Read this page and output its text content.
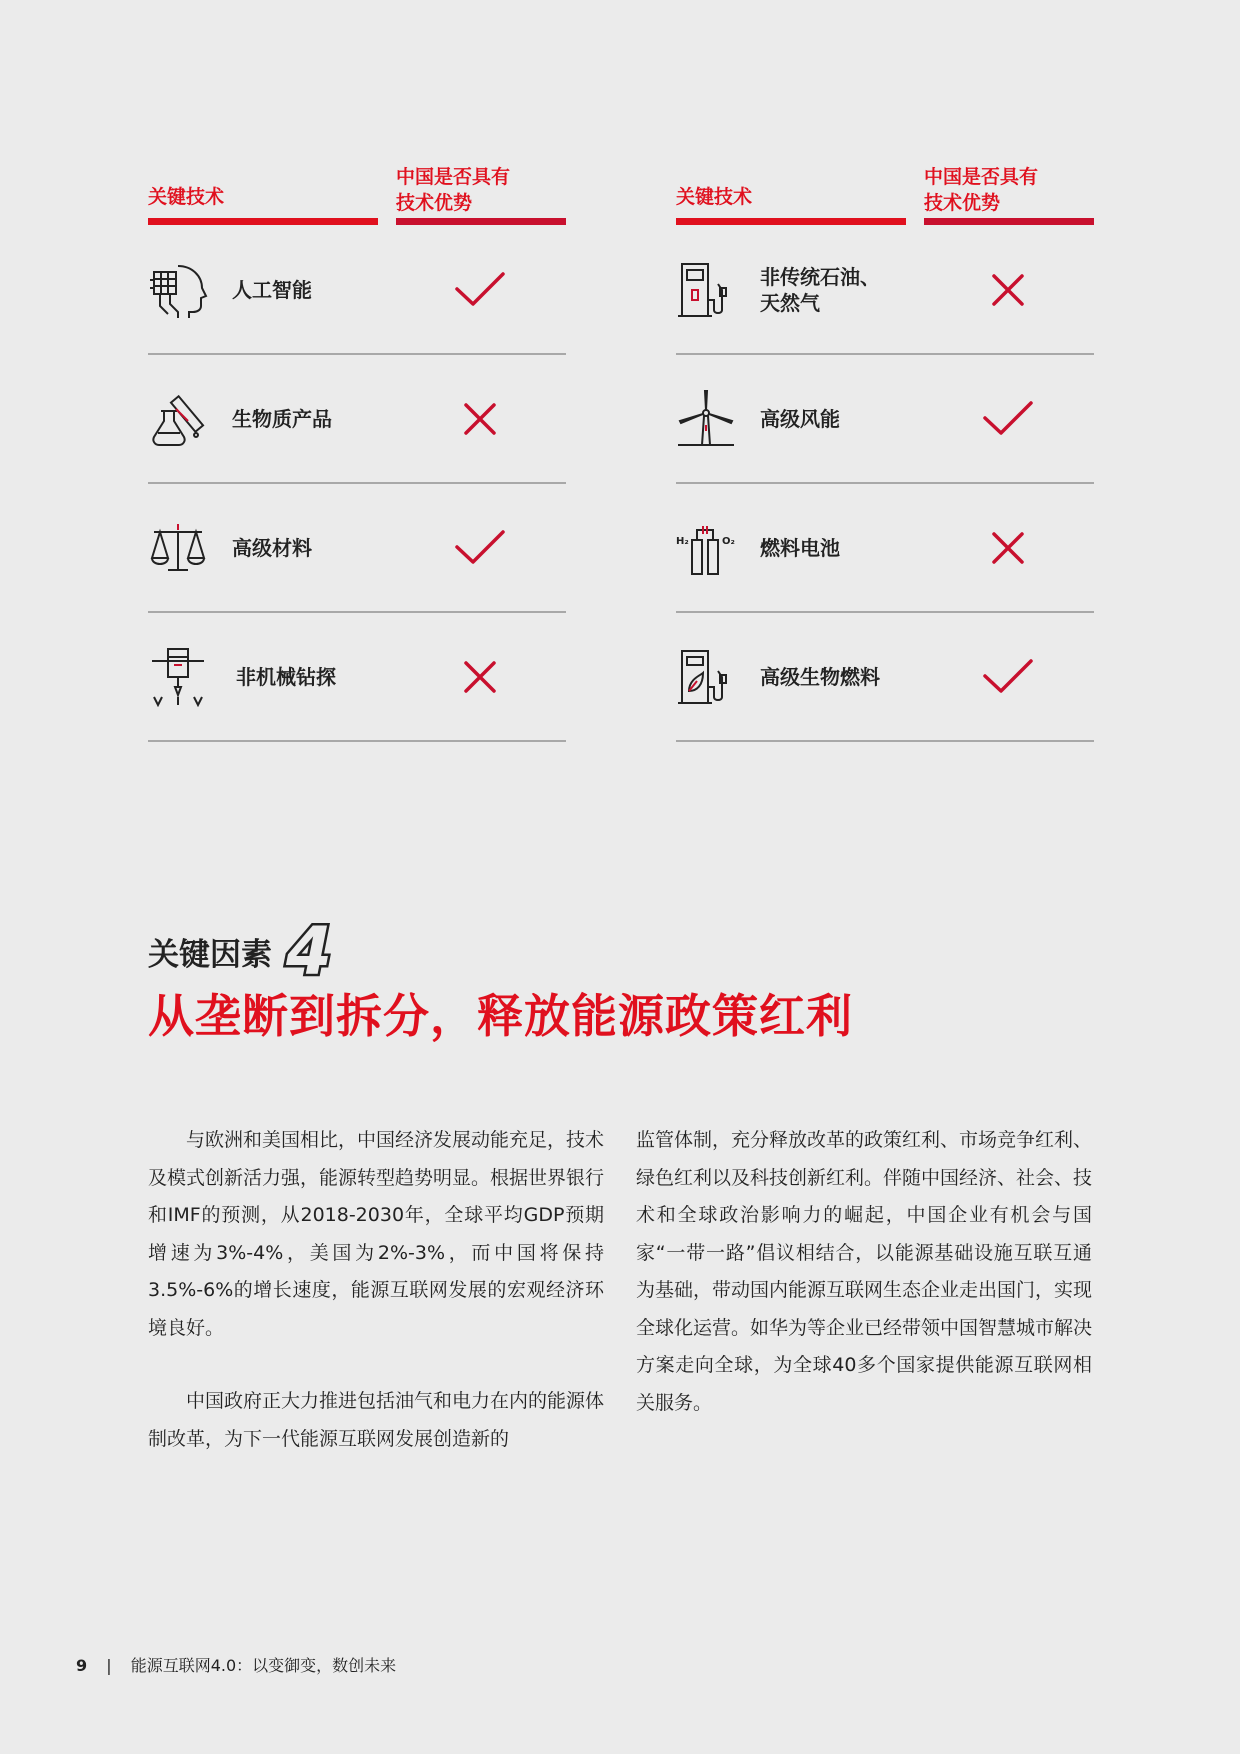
关键技术
中国是否具有
技术优势
人工智能
生物质产品
高级材料
非机械钻探
关键技术
中国是否具有
技术优势
非传统石油、
天然气
高级风能
H₂	O₂ 燃料电池
高级生物燃料
关键因素 4
从垄断到拆分，释放能源政策红利

与欧洲和美国相比，中国经济发展动能充足，技术及模式创新活力强，能源转型趋势明显。根据世界银行和IMF的预测，从2018-2030年，全球平均GDP预期增速为3%-4%，美国为2%-3%，而中国将保持3.5%-6%的增长速度，能源互联网发展的宏观经济环境良好。

中国政府正大力推进包括油气和电力在内的能源体制改革，为下一代能源互联网发展创造新的

监管体制，充分释放改革的政策红利、市场竞争红利、绿色红利以及科技创新红利。伴随中国经济、社会、技术和全球政治影响力的崛起，中国企业有机会与国家“一带一路”倡议相结合，以能源基础设施互联互通为基础，带动国内能源互联网生态企业走出国门，实现全球化运营。如华为等企业已经带领中国智慧城市解决方案走向全球，为全球40多个国家提供能源互联网相关服务。

9 | 能源互联网4.0：以变御变，数创未来
